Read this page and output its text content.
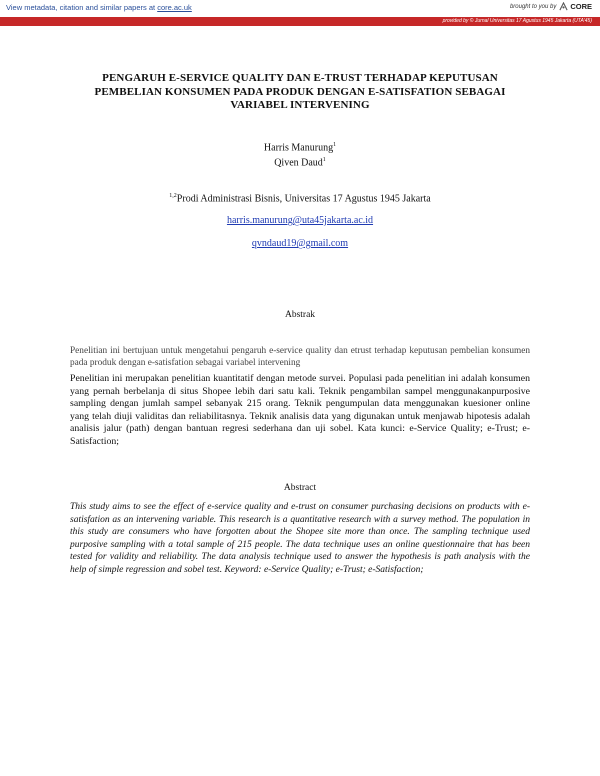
View metadata, citation and similar papers at core.ac.uk	brought to you by CORE
provided by © Jurnal Universitas 17 Agustus 1945 Jakarta (UTA'45)
PENGARUH E-SERVICE QUALITY DAN E-TRUST TERHADAP KEPUTUSAN
PEMBELIAN KONSUMEN PADA PRODUK DENGAN E-SATISFATION SEBAGAI
VARIABEL INTERVENING
Harris Manurung$^1$
Qiven Daud$^1$
$^{1,2}$Prodi Administrasi Bisnis, Universitas 17 Agustus 1945 Jakarta
harris.manurung@uta45jakarta.ac.id
qvndaud19@gmail.com
Abstrak
Penelitian ini bertujuan untuk mengetahui pengaruh e-service quality dan etrust terhadap keputusan pembelian konsumen pada produk dengan e-satisfation sebagai variabel intervening
Penelitian ini merupakan penelitian kuantitatif dengan metode survei. Populasi pada penelitian ini adalah konsumen yang pernah berbelanja di situs Shopee lebih dari satu kali. Teknik pengambilan sampel menggunakanpurposive sampling dengan jumlah sampel sebanyak 215 orang. Teknik pengumpulan data menggunakan kuesioner online yang telah diuji validitas dan reliabilitasnya. Teknik analisis data yang digunakan untuk menjawab hipotesis adalah analisis jalur (path) dengan bantuan regresi sederhana dan uji sobel. Kata kunci: e-Service Quality; e-Trust; e-Satisfaction;
Abstract
This study aims to see the effect of e-service quality and e-trust on consumer purchasing decisions on products with e-satisfation as an intervening variable. This research is a quantitative research with a survey method. The population in this study are consumers who have forgotten about the Shopee site more than once. The sampling technique used purposive sampling with a total sample of 215 people. The data technique uses an online questionnaire that has been tested for validity and reliability. The data analysis technique used to answer the hypothesis is path analysis with the help of simple regression and sobel test. Keyword: e-Service Quality; e-Trust; e-Satisfaction;
